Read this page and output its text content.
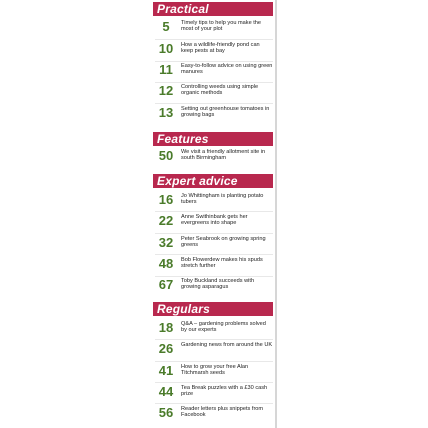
Practical
5	Timely tips to help you make the most of your plot
10	How a wildlife-friendly pond can keep pests at bay
11	Easy-to-follow advice on using green manures
12	Controlling weeds using simple organic methods
13	Setting out greenhouse tomatoes in growing bags
Features
50	We visit a friendly allotment site in south Birmingham
Expert advice
16	Jo Whittingham is planting potato tubers
22	Anne Swithinbank gets her evergreens into shape
32	Peter Seabrook on growing spring greens
48	Bob Flowerdew makes his spuds stretch further
67	Toby Buckland succeeds with growing asparagus
Regulars
18	Q&A – gardening problems solved by our experts
26	Gardening news from around the UK
41	How to grow your free Alan Titchmarsh seeds
44	Tea Break puzzles with a £30 cash prize
56	Reader letters plus snippets from Facebook
